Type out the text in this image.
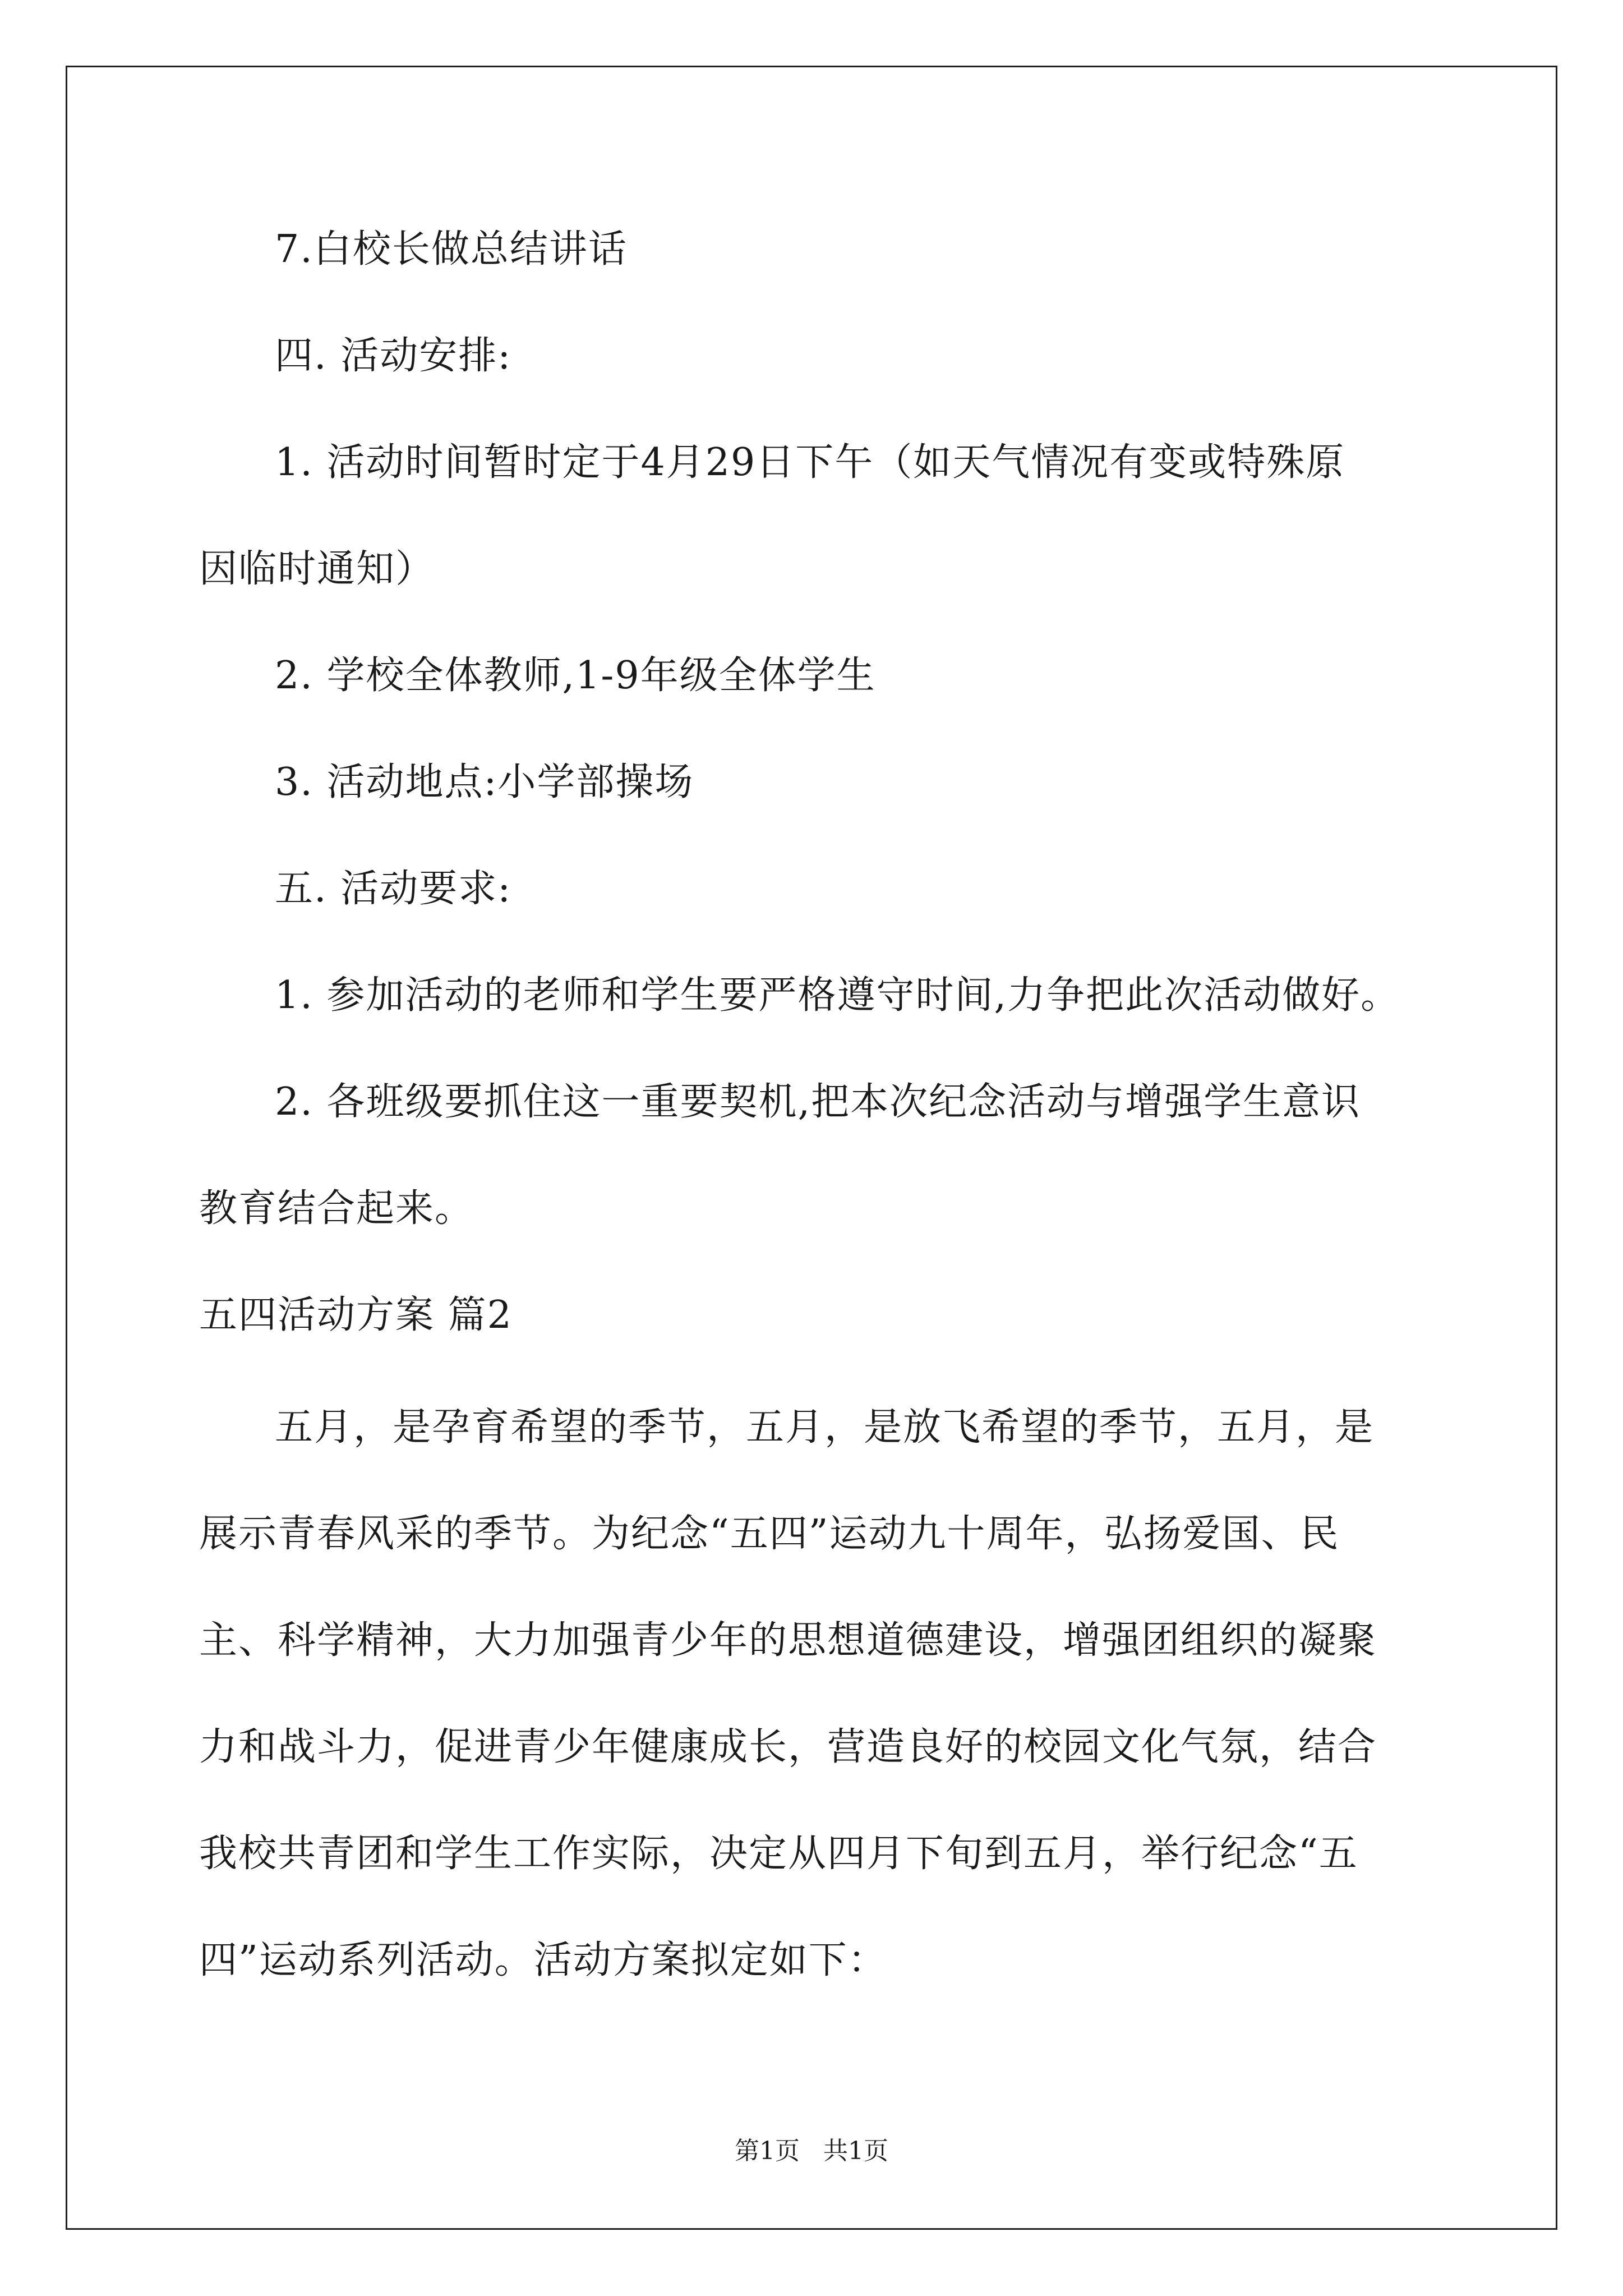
7.白校长做总结讲话
四. 活动安排:
1. 活动时间暂时定于4月29日下午（如天气情况有变或特殊原
因临时通知）
2. 学校全体教师,1-9年级全体学生
3. 活动地点:小学部操场
五. 活动要求:
1. 参加活动的老师和学生要严格遵守时间,力争把此次活动做好。
2. 各班级要抓住这一重要契机,把本次纪念活动与增强学生意识
教育结合起来。
五四活动方案 篇2
五月，是孕育希望的季节，五月，是放飞希望的季节，五月，是
展示青春风采的季节。为纪念“五四”运动九十周年，弘扬爱国、民
主、科学精神，大力加强青少年的思想道德建设，增强团组织的凝聚
力和战斗力，促进青少年健康成长，营造良好的校园文化气氛，结合
我校共青团和学生工作实际，决定从四月下旬到五月，举行纪念“五
四”运动系列活动。活动方案拟定如下：
第1页   共1页
